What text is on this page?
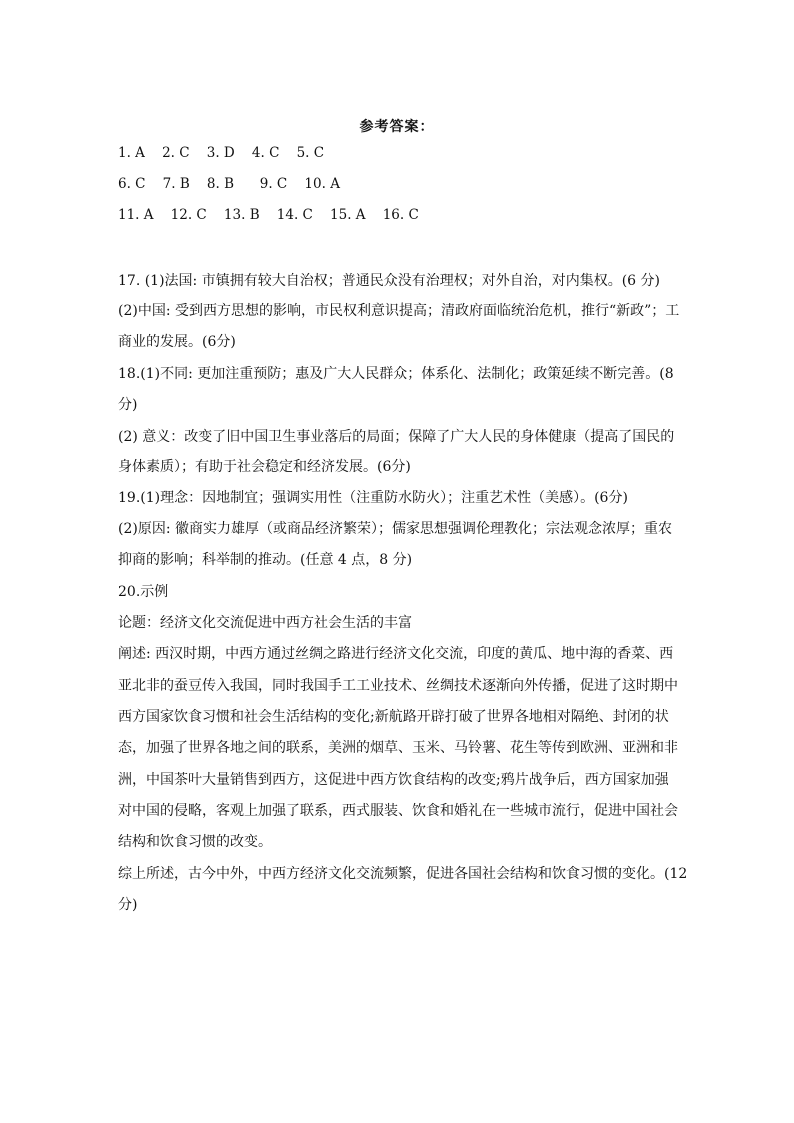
参考答案：
1. A    2. C    3. D    4. C    5. C
6. C    7. B    8. B      9. C    10. A
11. A    12. C    13. B    14. C    15. A    16. C
17. (1)法国: 市镇拥有较大自治权；普通民众没有治理权；对外自治，对内集权。(6 分)
(2)中国: 受到西方思想的影响，市民权利意识提高；清政府面临统治危机，推行“新政”；工
商业的发展。(6分)
18.(1)不同: 更加注重预防；惠及广大人民群众；体系化、法制化；政策延续不断完善。(8
分)
(2) 意义：改变了旧中国卫生事业落后的局面；保障了广大人民的身体健康（提高了国民的
身体素质）；有助于社会稳定和经济发展。(6分)
19.(1)理念：因地制宜；强调实用性（注重防水防火）；注重艺术性（美感）。(6分)
(2)原因: 徽商实力雄厚（或商品经济繁荣）；儒家思想强调伦理教化；宗法观念浓厚；重农
抑商的影响；科举制的推动。(任意 4 点，8 分)
20.示例
论题：经济文化交流促进中西方社会生活的丰富
阐述: 西汉时期，中西方通过丝绸之路进行经济文化交流，印度的黄瓜、地中海的香菜、西
亚北非的蚕豆传入我国，同时我国手工工业技术、丝绸技术逐渐向外传播，促进了这时期中
西方国家饮食习惯和社会生活结构的变化;新航路开辟打破了世界各地相对隔绝、封闭的状
态，加强了世界各地之间的联系，美洲的烟草、玉米、马铃薯、花生等传到欧洲、亚洲和非
洲，中国茶叶大量销售到西方，这促进中西方饮食结构的改变;鸦片战争后，西方国家加强
对中国的侵略，客观上加强了联系，西式服装、饮食和婚礼在一些城市流行，促进中国社会
结构和饮食习惯的改变。
综上所述，古今中外，中西方经济文化交流频繁，促进各国社会结构和饮食习惯的变化。(12
分)
